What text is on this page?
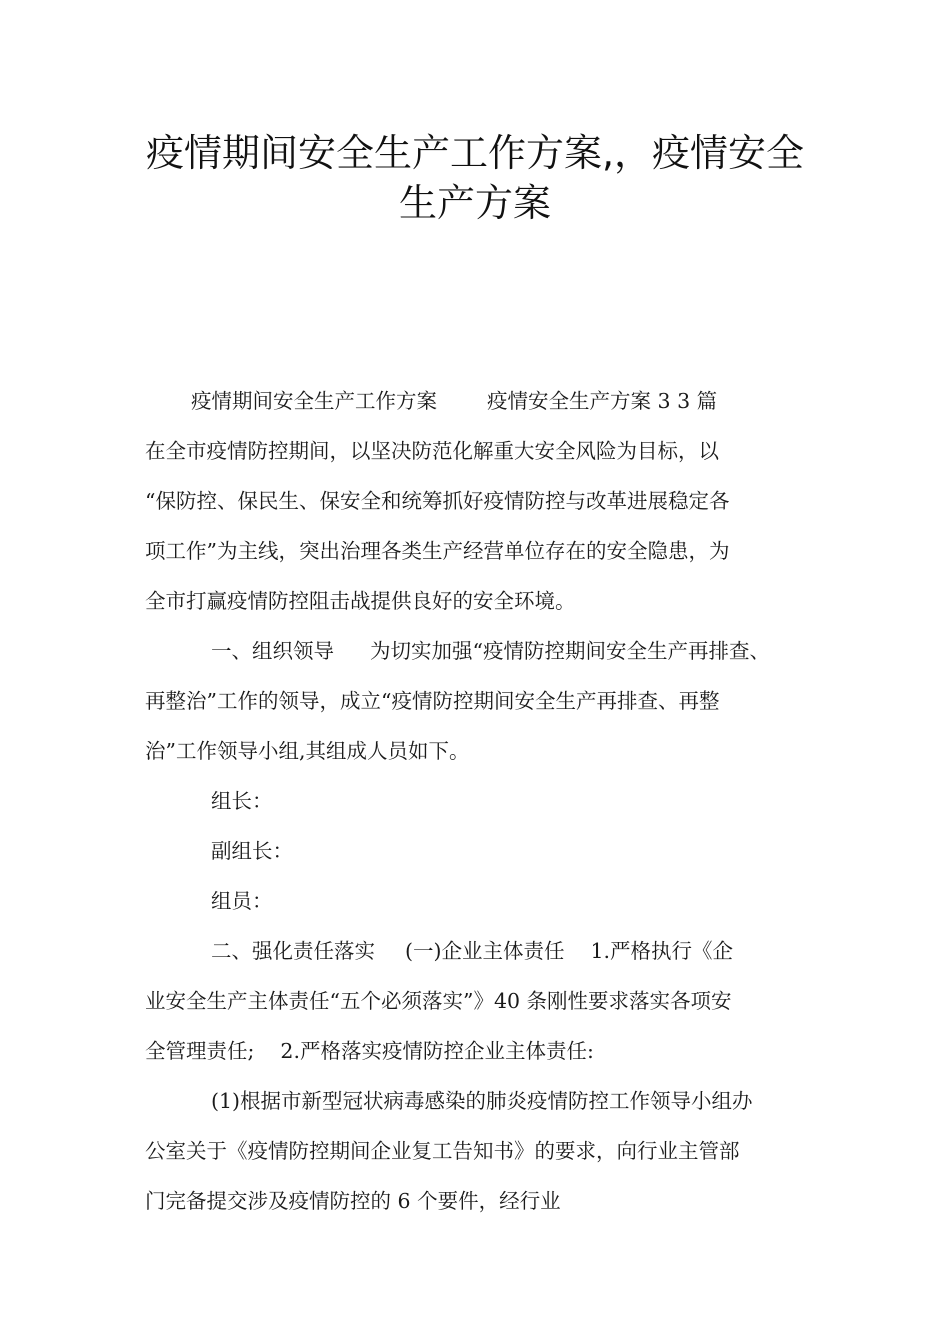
疫情期间安全生产工作方案,，疫情安全
生产方案
疫情期间安全生产工作方案 疫情安全生产方案 3 3 篇
在全市疫情防控期间，以坚决防范化解重大安全风险为目标，以
“保防控、保民生、保安全和统筹抓好疫情防控与改革进展稳定各
项工作”为主线，突出治理各类生产经营单位存在的安全隐患，为
全市打赢疫情防控阻击战提供良好的安全环境。
一、组织领导 为切实加强“疫情防控期间安全生产再排查、
再整治”工作的领导，成立“疫情防控期间安全生产再排查、再整
治”工作领导小组,其组成人员如下。
组长：
副组长：
组员：
二、强化责任落实 (一)企业主体责任 1.严格执行《企
业安全生产主体责任“五个必须落实”》40 条刚性要求落实各项安
全管理责任; 2.严格落实疫情防控企业主体责任:
(1)根据市新型冠状病毒感染的肺炎疫情防控工作领导小组办
公室关于《疫情防控期间企业复工告知书》的要求，向行业主管部
门完备提交涉及疫情防控的 6 个要件，经行业
